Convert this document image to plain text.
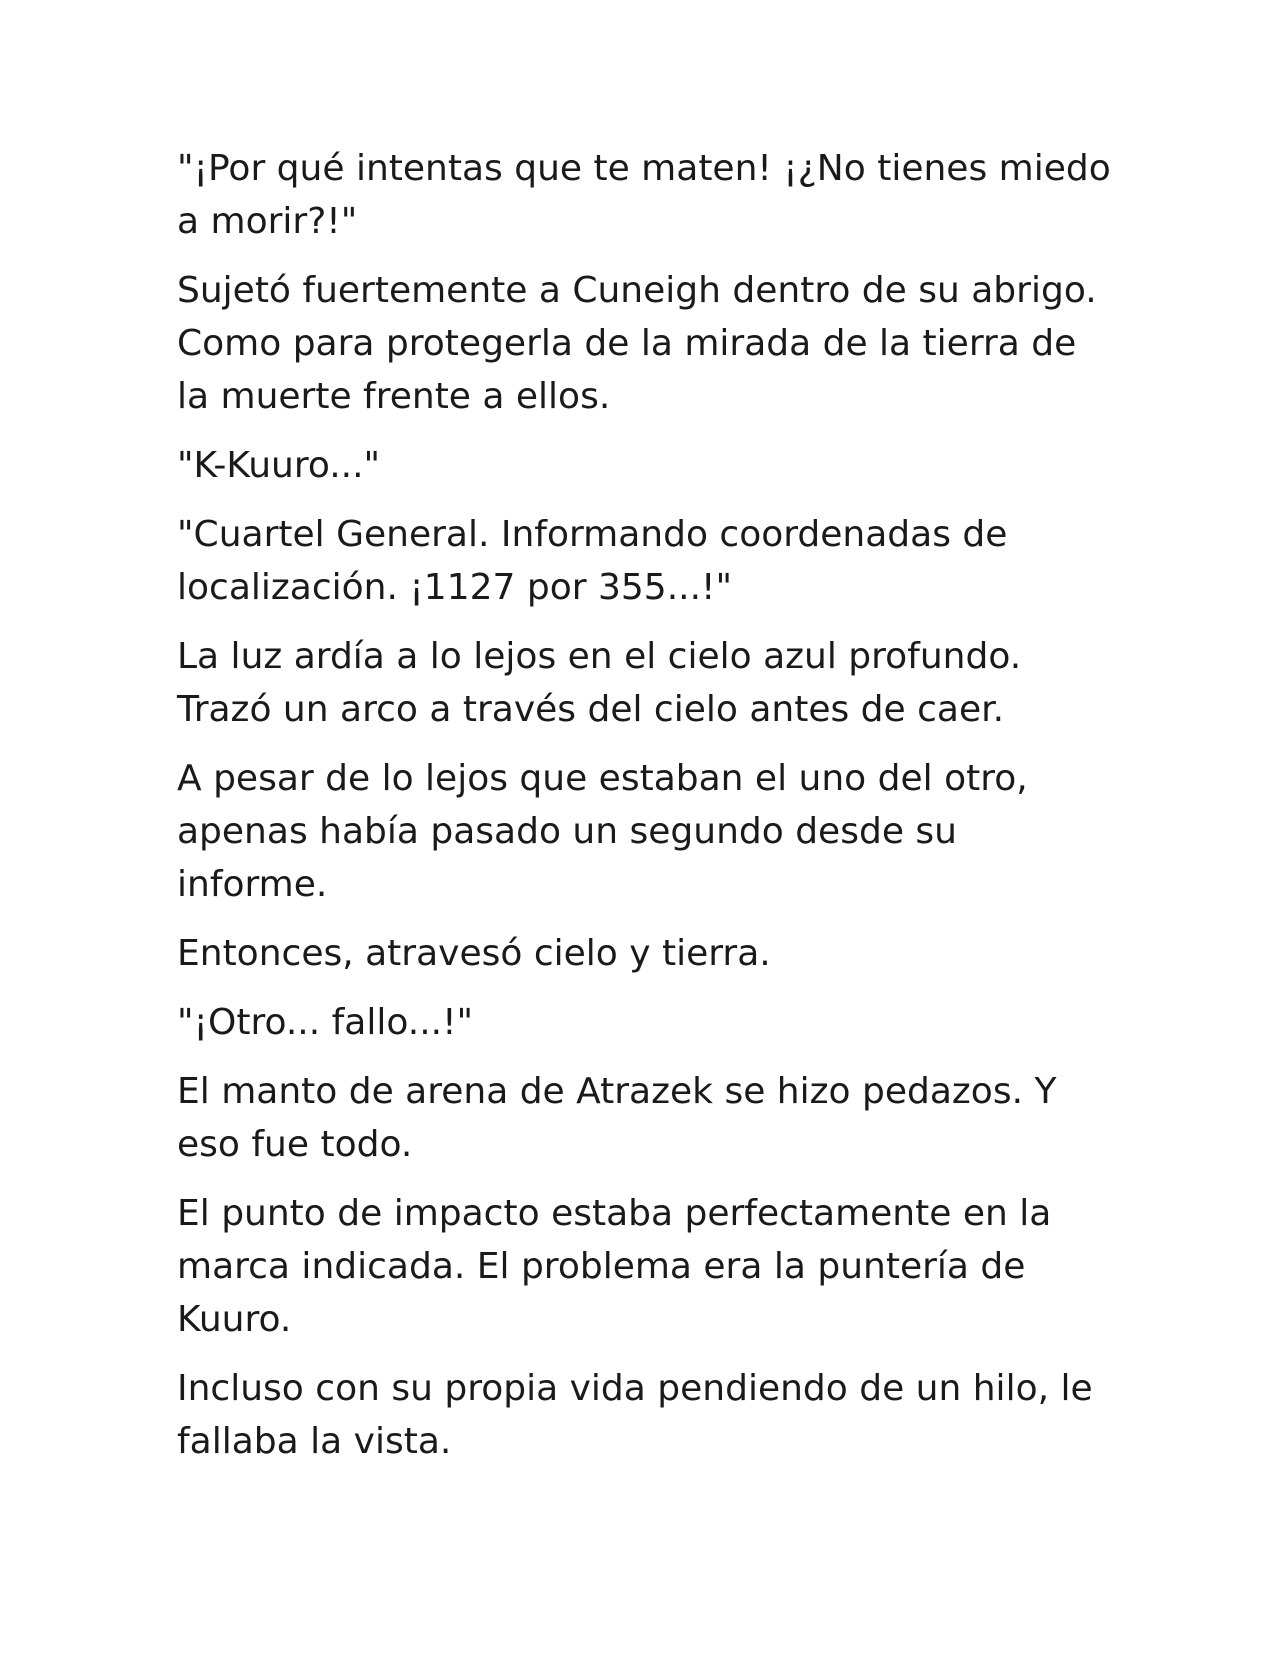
"¡Por qué intentas que te maten! ¡¿No tienes miedo a morir?!"

Sujetó fuertemente a Cuneigh dentro de su abrigo. Como para protegerla de la mirada de la tierra de la muerte frente a ellos.

"K-Kuuro..."

"Cuartel General. Informando coordenadas de localización. ¡1127 por 355...!"

La luz ardía a lo lejos en el cielo azul profundo. Trazó un arco a través del cielo antes de caer.

A pesar de lo lejos que estaban el uno del otro, apenas había pasado un segundo desde su informe.

Entonces, atravesó cielo y tierra.

"¡Otro... fallo...!"

El manto de arena de Atrazek se hizo pedazos. Y eso fue todo.

El punto de impacto estaba perfectamente en la marca indicada. El problema era la puntería de Kuuro.

Incluso con su propia vida pendiendo de un hilo, le fallaba la vista.
